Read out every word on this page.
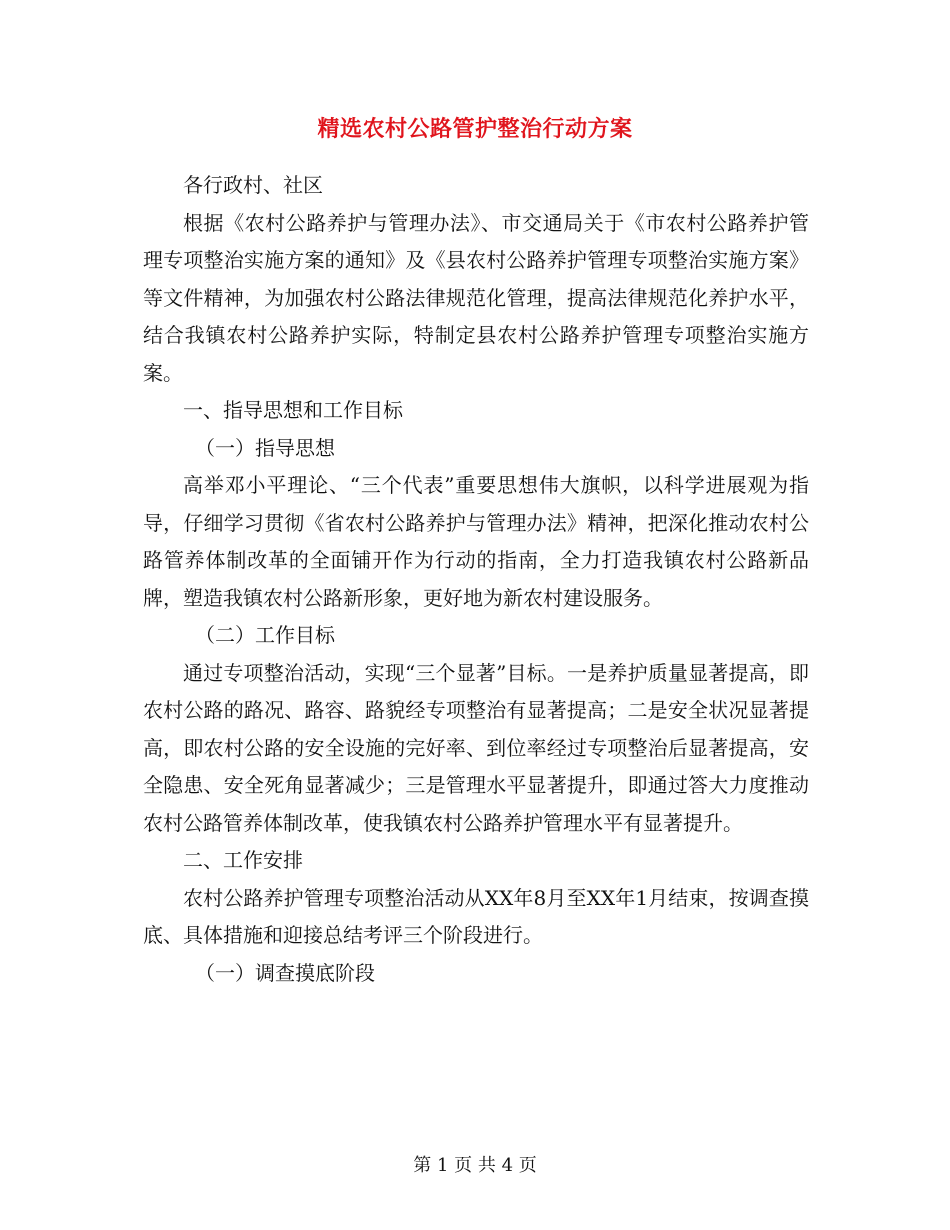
精选农村公路管护整治行动方案

各行政村、社区

根据《农村公路养护与管理办法》、市交通局关于《市农村公路养护管理专项整治实施方案的通知》及《县农村公路养护管理专项整治实施方案》等文件精神，为加强农村公路法律规范化管理，提高法律规范化养护水平，结合我镇农村公路养护实际，特制定县农村公路养护管理专项整治实施方案。

一、指导思想和工作目标

（一）指导思想

高举邓小平理论、“三个代表”重要思想伟大旗帜，以科学进展观为指导，仔细学习贯彻《省农村公路养护与管理办法》精神，把深化推动农村公路管养体制改革的全面铺开作为行动的指南，全力打造我镇农村公路新品牌，塑造我镇农村公路新形象，更好地为新农村建设服务。

（二）工作目标

通过专项整治活动，实现“三个显著”目标。一是养护质量显著提高，即农村公路的路况、路容、路貌经专项整治有显著提高；二是安全状况显著提高，即农村公路的安全设施的完好率、到位率经过专项整治后显著提高，安全隐患、安全死角显著减少；三是管理水平显著提升，即通过答大力度推动农村公路管养体制改革，使我镇农村公路养护管理水平有显著提升。

二、工作安排

农村公路养护管理专项整治活动从XX年8月至XX年1月结束，按调查摸底、具体措施和迎接总结考评三个阶段进行。

（一）调查摸底阶段

第 1 页 共 4 页
